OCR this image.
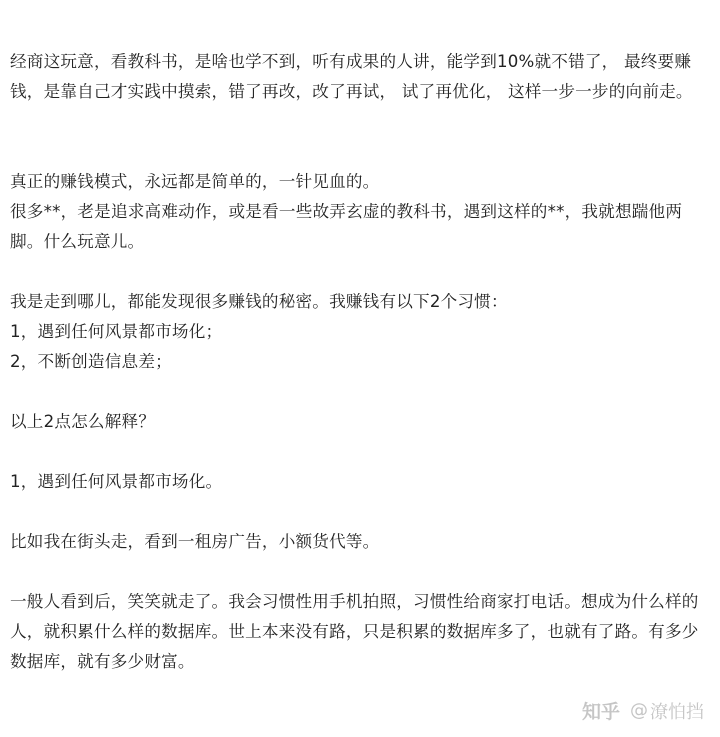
经商这玩意，看教科书，是啥也学不到，听有成果的人讲，能学到10%就不错了， 最终要赚钱，是靠自己才实践中摸索，错了再改，改了再试， 试了再优化， 这样一步一步的向前走。

真正的赚钱模式，永远都是简单的，一针见血的。

很多**，老是追求高难动作，或是看一些故弄玄虚的教科书，遇到这样的**，我就想踹他两脚。什么玩意儿。

我是走到哪儿，都能发现很多赚钱的秘密。我赚钱有以下2个习惯：

1，遇到任何风景都市场化；

2，不断创造信息差；

以上2点怎么解释？

1，遇到任何风景都市场化。

比如我在街头走，看到一租房广告，小额货代等。

一般人看到后，笑笑就走了。我会习惯性用手机拍照，习惯性给商家打电话。想成为什么样的人，就积累什么样的数据库。世上本来没有路，只是积累的数据库多了，也就有了路。有多少数据库，就有多少财富。

知乎 @ 潦怕挡
